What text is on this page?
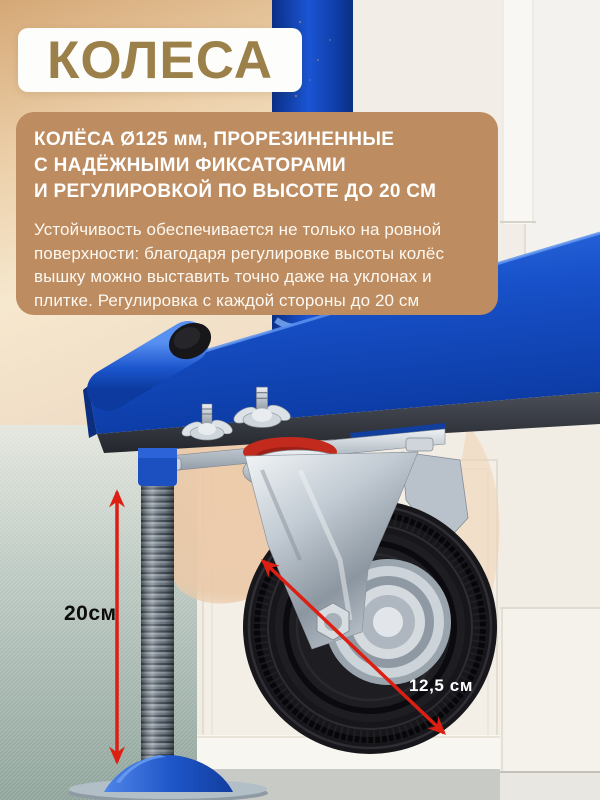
КОЛЕСА
КОЛЁСА Ø125 мм, ПРОРЕЗИНЕННЫЕ
С НАДЁЖНЫМИ ФИКСАТОРАМИ
И РЕГУЛИРОВКОЙ ПО ВЫСОТЕ ДО 20 СМ

Устойчивость обеспечивается не только на ровной поверхности: благодаря регулировке высоты колёс вышку можно выставить точно даже на уклонах и плитке. Регулировка с каждой стороны до 20 см

20см
12,5 см
